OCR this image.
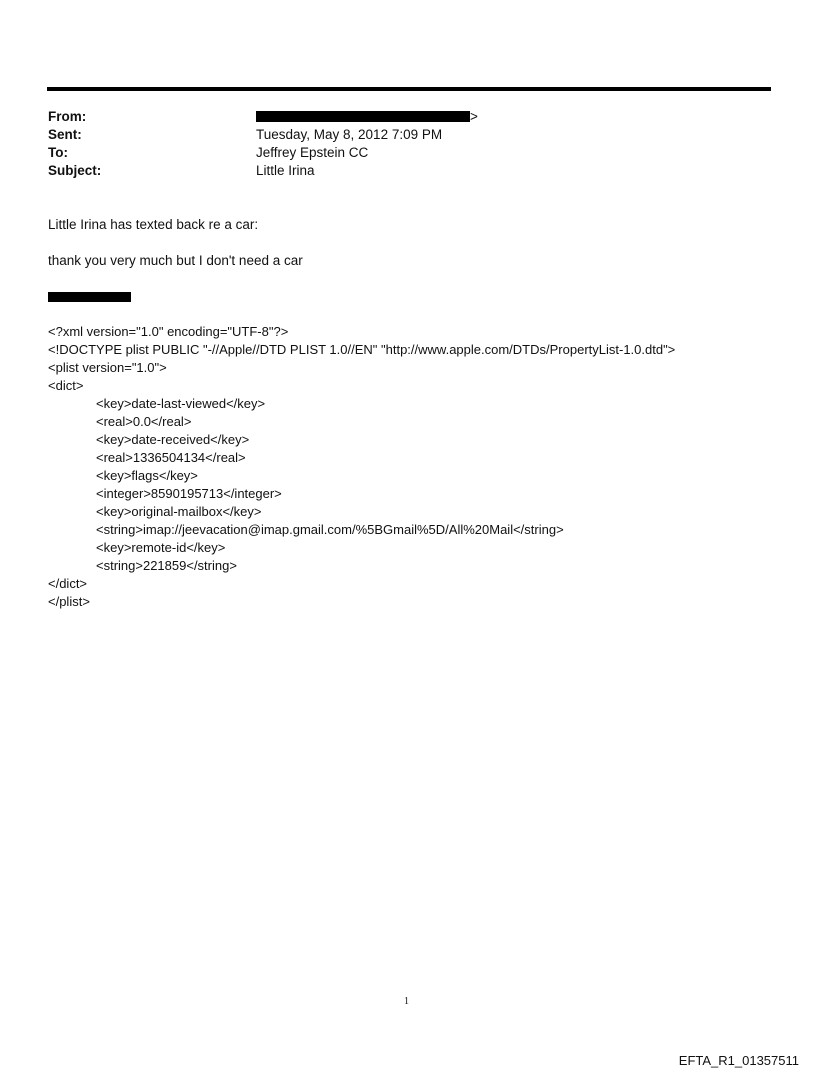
From:	>
Sent:	Tuesday, May 8, 2012 7:09 PM
To:	Jeffrey Epstein CC
Subject:	Little Irina
Little Irina has texted back re a car:
thank you very much but I don't need a car
<?xml version="1.0" encoding="UTF-8"?>
<!DOCTYPE plist PUBLIC "-//Apple//DTD PLIST 1.0//EN" "http://www.apple.com/DTDs/PropertyList-1.0.dtd">
<plist version="1.0">
<dict>
<key>date-last-viewed</key>
<real>0.0</real>
<key>date-received</key>
<real>1336504134</real>
<key>flags</key>
<integer>8590195713</integer>
<key>original-mailbox</key>
<string>imap://jeevacation@imap.gmail.com/%5BGmail%5D/All%20Mail</string>
<key>remote-id</key>
<string>221859</string>
</dict>
</plist>
1
EFTA_R1_01357511
